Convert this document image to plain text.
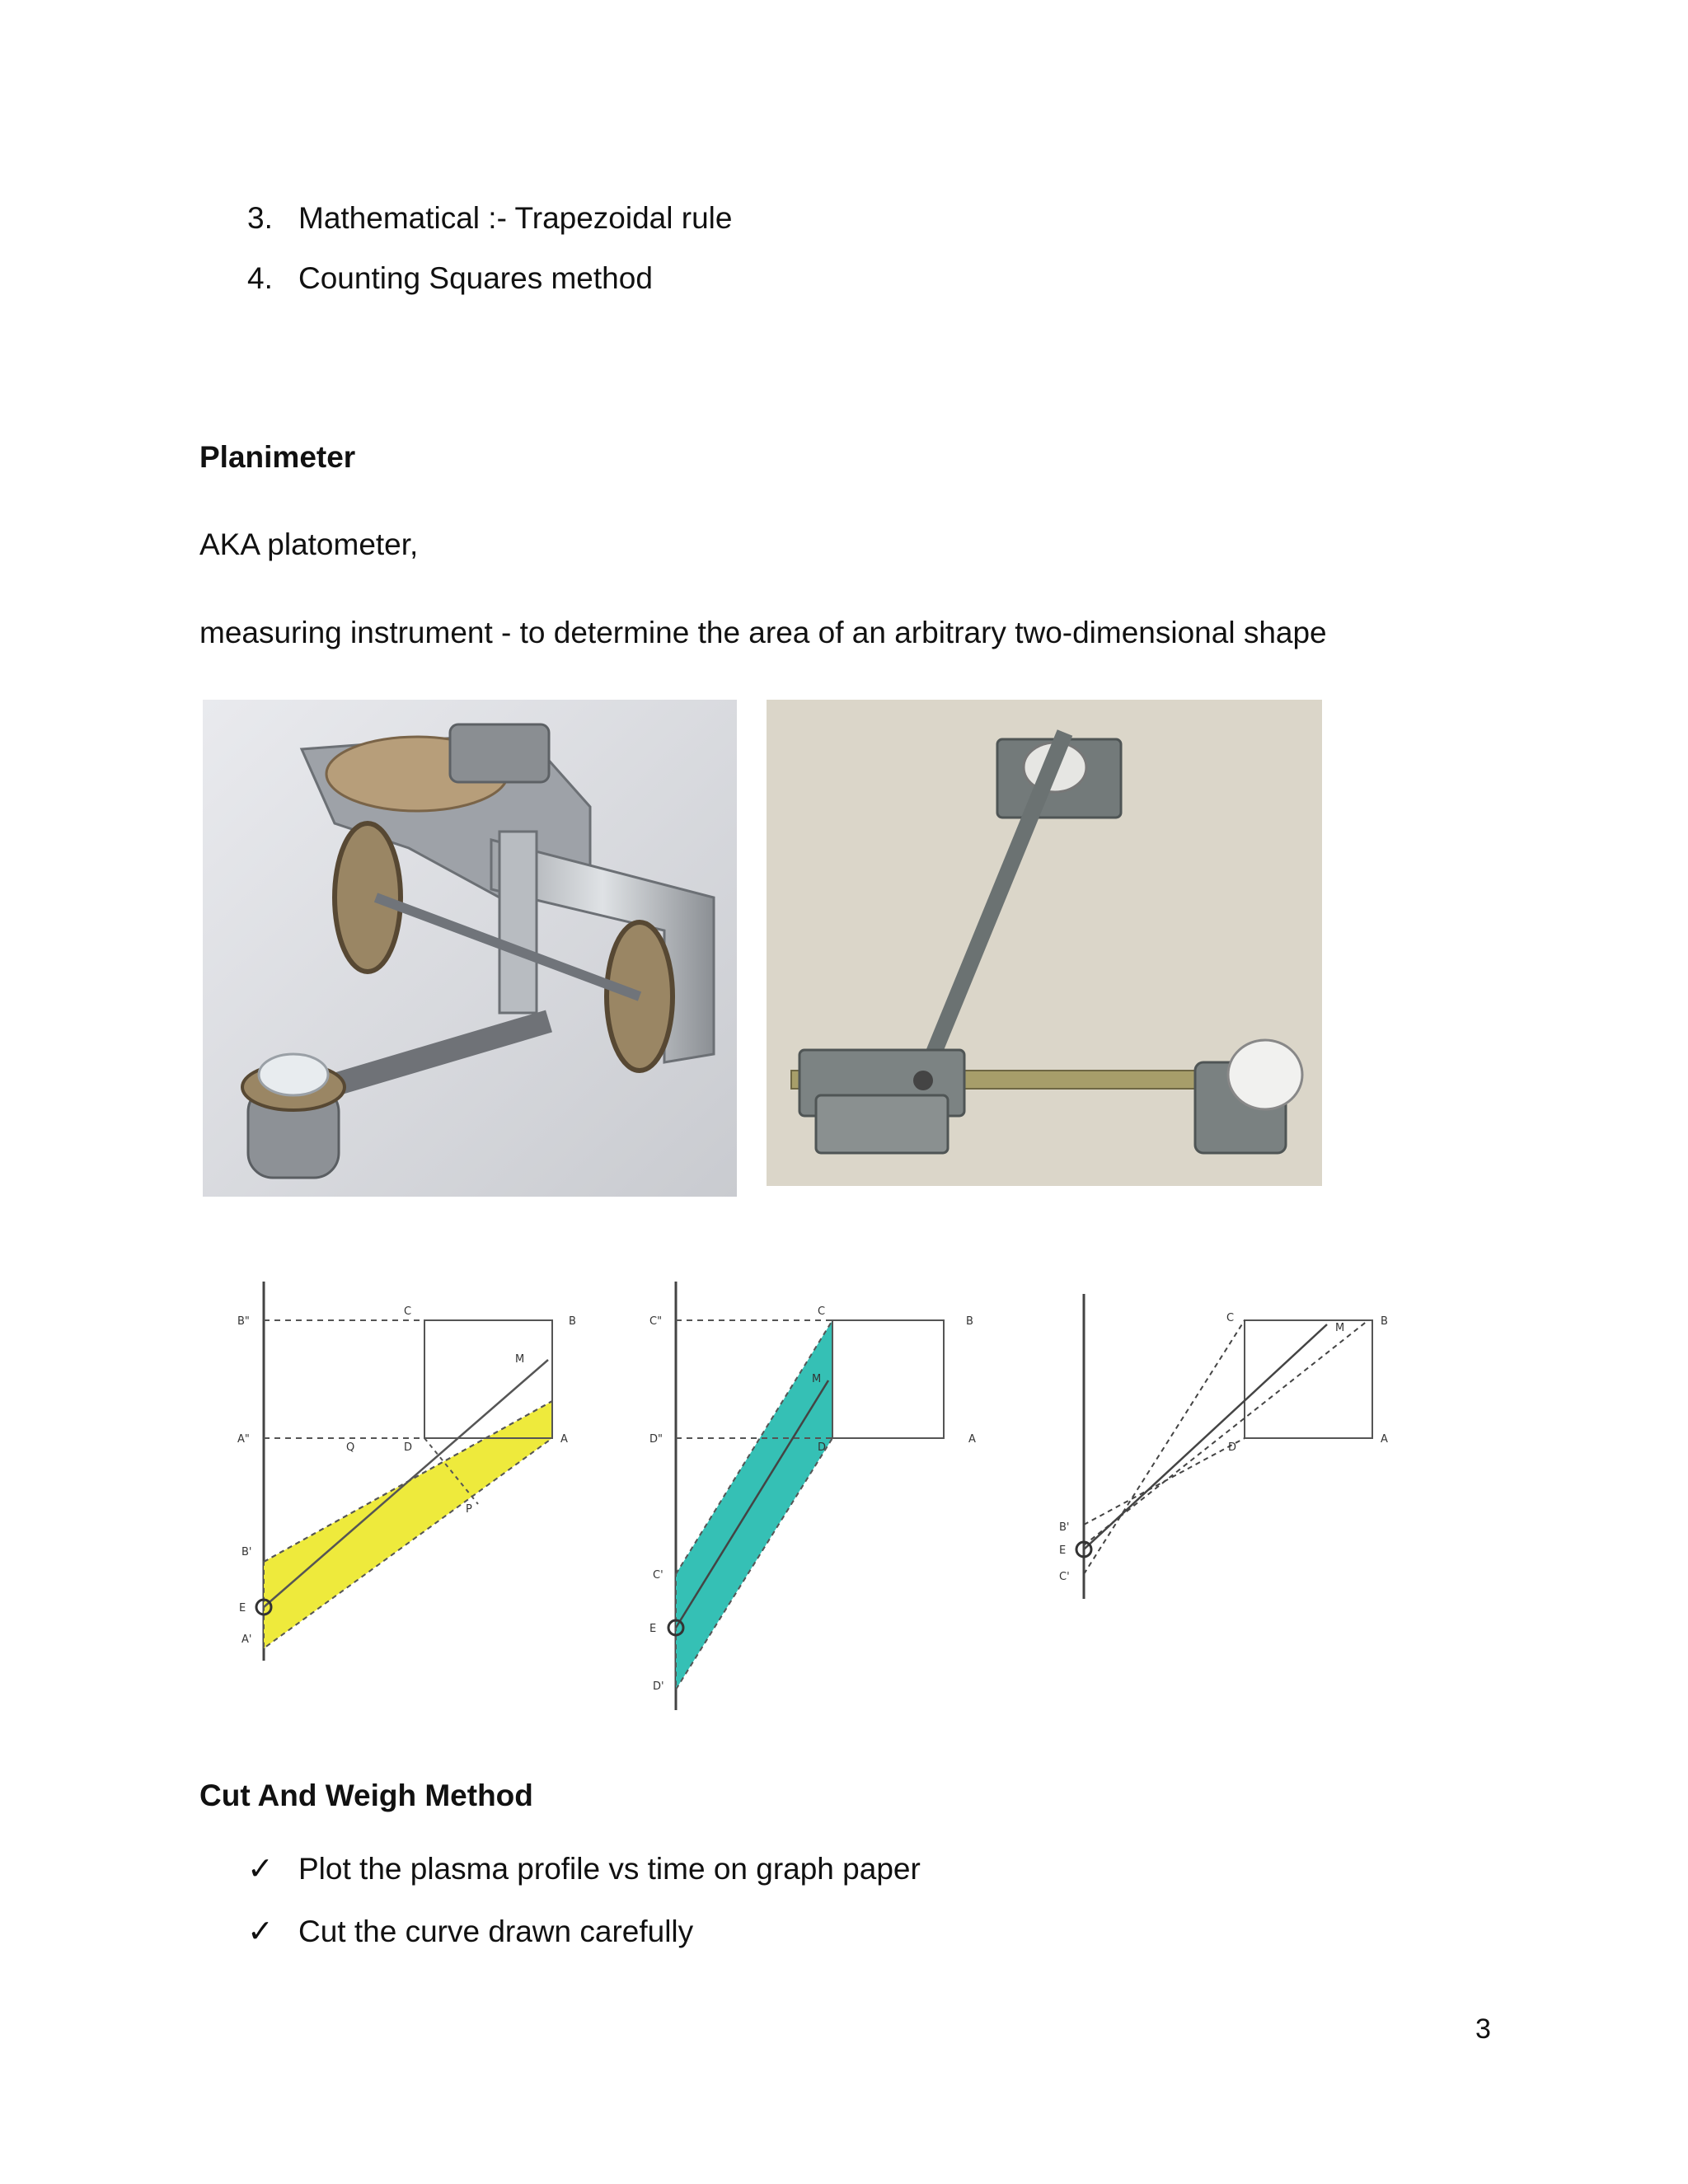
3. Mathematical :- Trapezoidal rule
4. Counting Squares method
Planimeter
AKA platometer,
measuring instrument - to determine the area of an arbitrary two-dimensional shape
B"
C
B
M
A"
Q	D
A
P
B'
E
A'
C"
C
B
M
D"
D
A
C'
E
D'
C
M
B
D
A
B'
E
C'
Cut And Weigh Method
✓ Plot the plasma profile vs time on graph paper
✓ Cut the curve drawn carefully
3
